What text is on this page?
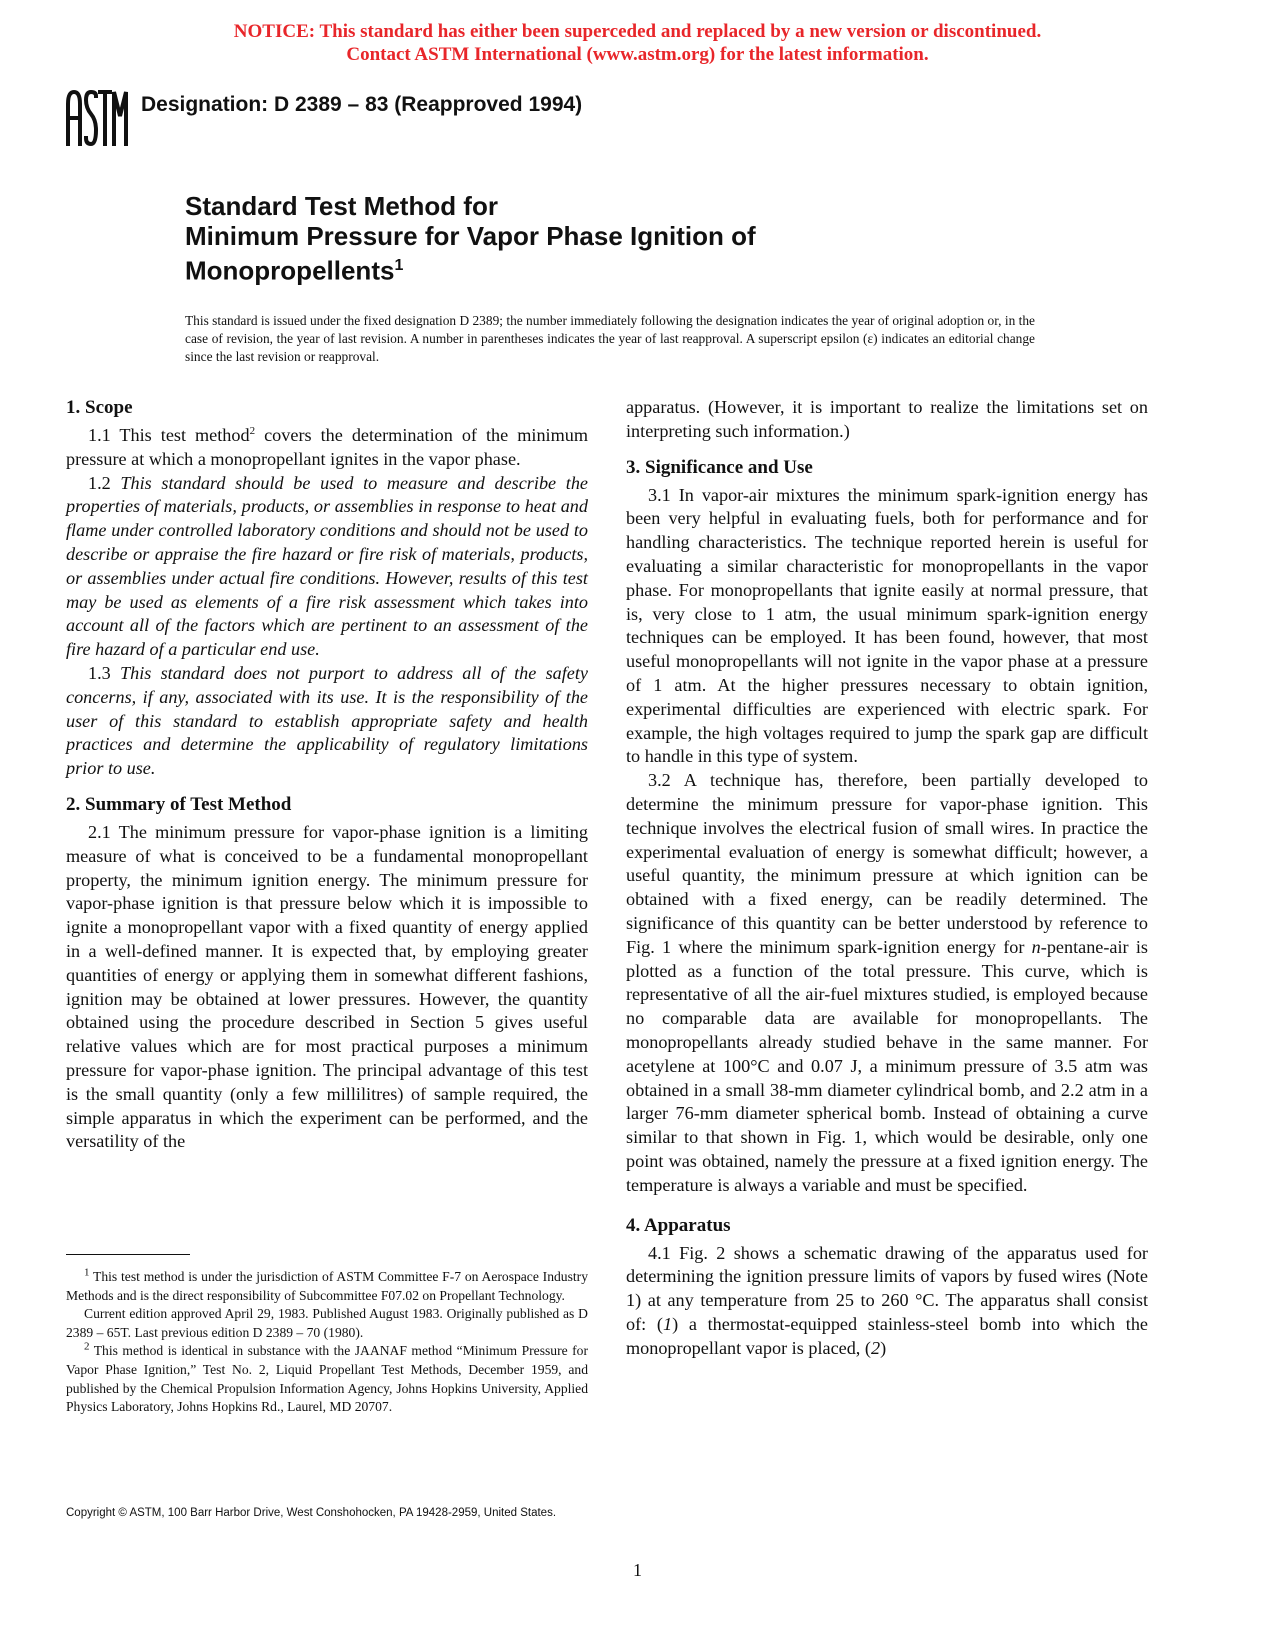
NOTICE: This standard has either been superceded and replaced by a new version or discontinued.
Contact ASTM International (www.astm.org) for the latest information.
Designation: D 2389 – 83 (Reapproved 1994)
Standard Test Method for
Minimum Pressure for Vapor Phase Ignition of
Monopropellents$^1$
This standard is issued under the fixed designation D 2389; the number immediately following the designation indicates the year of original adoption or, in the case of revision, the year of last revision. A number in parentheses indicates the year of last reapproval. A superscript epsilon (ε) indicates an editorial change since the last revision or reapproval.
1. Scope

1.1 This test method$^2$ covers the determination of the minimum pressure at which a monopropellant ignites in the vapor phase.

1.2 This standard should be used to measure and describe the properties of materials, products, or assemblies in response to heat and flame under controlled laboratory conditions and should not be used to describe or appraise the fire hazard or fire risk of materials, products, or assemblies under actual fire conditions. However, results of this test may be used as elements of a fire risk assessment which takes into account all of the factors which are pertinent to an assessment of the fire hazard of a particular end use.

1.3 This standard does not purport to address all of the safety concerns, if any, associated with its use. It is the responsibility of the user of this standard to establish appropriate safety and health practices and determine the applicability of regulatory limitations prior to use.

2. Summary of Test Method

2.1 The minimum pressure for vapor-phase ignition is a limiting measure of what is conceived to be a fundamental monopropellant property, the minimum ignition energy. The minimum pressure for vapor-phase ignition is that pressure below which it is impossible to ignite a monopropellant vapor with a fixed quantity of energy applied in a well-defined manner. It is expected that, by employing greater quantities of energy or applying them in somewhat different fashions, ignition may be obtained at lower pressures. However, the quantity obtained using the procedure described in Section 5 gives useful relative values which are for most practical purposes a minimum pressure for vapor-phase ignition. The principal advantage of this test is the small quantity (only a few millilitres) of sample required, the simple apparatus in which the experiment can be performed, and the versatility of the

$^1$ This test method is under the jurisdiction of ASTM Committee F-7 on Aerospace Industry Methods and is the direct responsibility of Subcommittee F07.02 on Propellant Technology.

Current edition approved April 29, 1983. Published August 1983. Originally published as D 2389 – 65T. Last previous edition D 2389 – 70 (1980).

$^2$ This method is identical in substance with the JAANAF method “Minimum Pressure for Vapor Phase Ignition,” Test No. 2, Liquid Propellant Test Methods, December 1959, and published by the Chemical Propulsion Information Agency, Johns Hopkins University, Applied Physics Laboratory, Johns Hopkins Rd., Laurel, MD 20707.

apparatus. (However, it is important to realize the limitations set on interpreting such information.)

3. Significance and Use

3.1 In vapor-air mixtures the minimum spark-ignition energy has been very helpful in evaluating fuels, both for performance and for handling characteristics. The technique reported herein is useful for evaluating a similar characteristic for monopropellants in the vapor phase. For monopropellants that ignite easily at normal pressure, that is, very close to 1 atm, the usual minimum spark-ignition energy techniques can be employed. It has been found, however, that most useful monopropellants will not ignite in the vapor phase at a pressure of 1 atm. At the higher pressures necessary to obtain ignition, experimental difficulties are experienced with electric spark. For example, the high voltages required to jump the spark gap are difficult to handle in this type of system.

3.2 A technique has, therefore, been partially developed to determine the minimum pressure for vapor-phase ignition. This technique involves the electrical fusion of small wires. In practice the experimental evaluation of energy is somewhat difficult; however, a useful quantity, the minimum pressure at which ignition can be obtained with a fixed energy, can be readily determined. The significance of this quantity can be better understood by reference to Fig. 1 where the minimum spark-ignition energy for n-pentane-air is plotted as a function of the total pressure. This curve, which is representative of all the air-fuel mixtures studied, is employed because no comparable data are available for monopropellants. The monopropellants already studied behave in the same manner. For acetylene at 100°C and 0.07 J, a minimum pressure of 3.5 atm was obtained in a small 38-mm diameter cylindrical bomb, and 2.2 atm in a larger 76-mm diameter spherical bomb. Instead of obtaining a curve similar to that shown in Fig. 1, which would be desirable, only one point was obtained, namely the pressure at a fixed ignition energy. The temperature is always a variable and must be specified.

4. Apparatus

4.1 Fig. 2 shows a schematic drawing of the apparatus used for determining the ignition pressure limits of vapors by fused wires (Note 1) at any temperature from 25 to 260 °C. The apparatus shall consist of: (1) a thermostat-equipped stainless-steel bomb into which the monopropellant vapor is placed, (2)

Copyright © ASTM, 100 Barr Harbor Drive, West Conshohocken, PA 19428-2959, United States.
1
